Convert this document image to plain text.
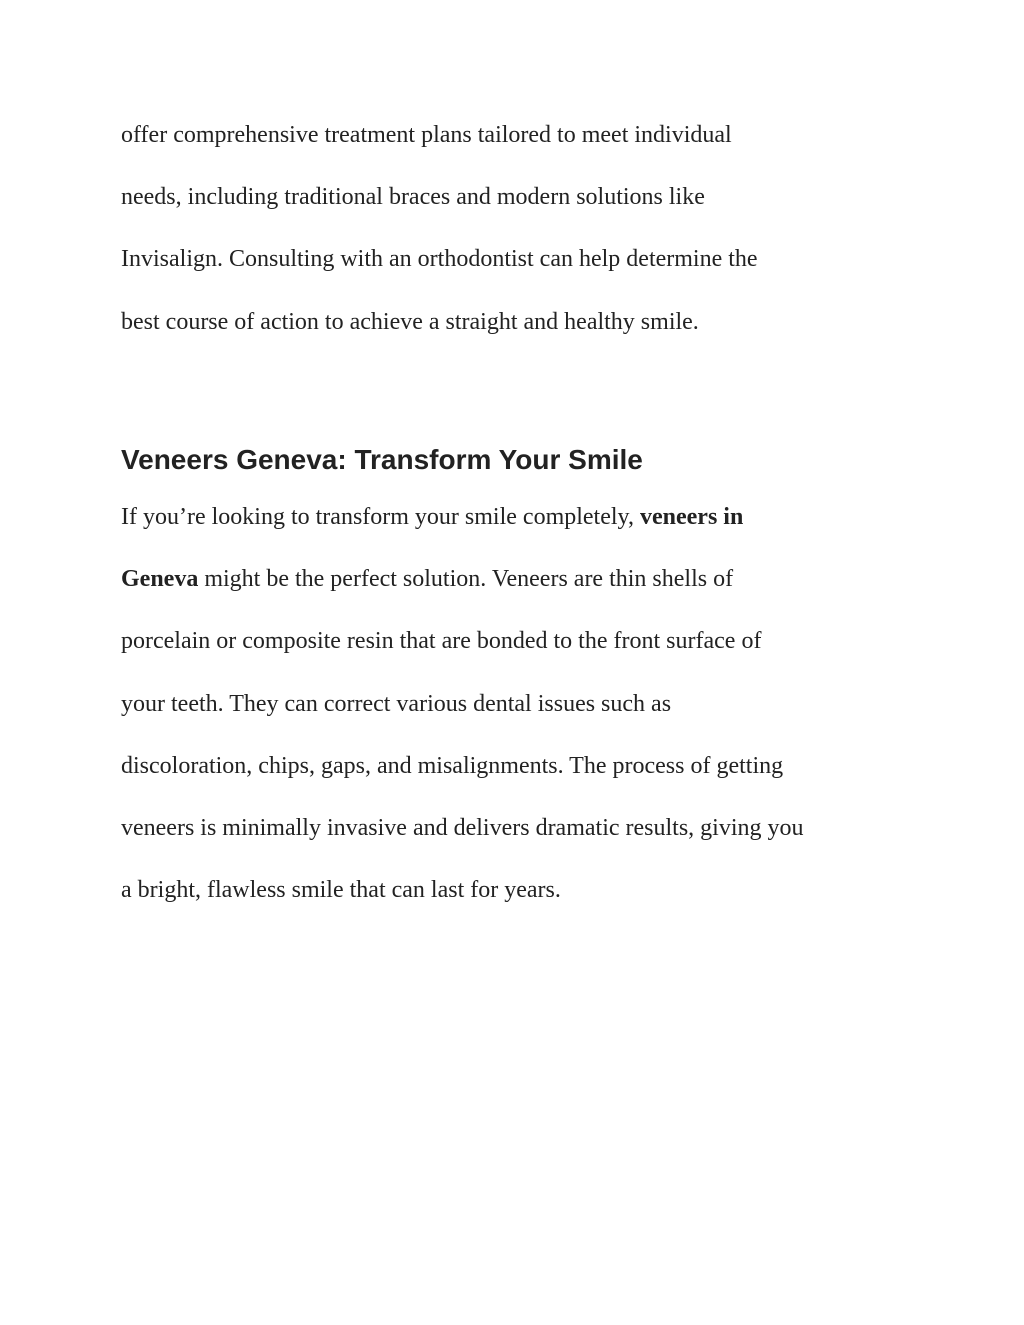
offer comprehensive treatment plans tailored to meet individual
needs, including traditional braces and modern solutions like
Invisalign. Consulting with an orthodontist can help determine the
best course of action to achieve a straight and healthy smile.
Veneers Geneva: Transform Your Smile
If you’re looking to transform your smile completely, veneers in
Geneva might be the perfect solution. Veneers are thin shells of
porcelain or composite resin that are bonded to the front surface of
your teeth. They can correct various dental issues such as
discoloration, chips, gaps, and misalignments. The process of getting
veneers is minimally invasive and delivers dramatic results, giving you
a bright, flawless smile that can last for years.
